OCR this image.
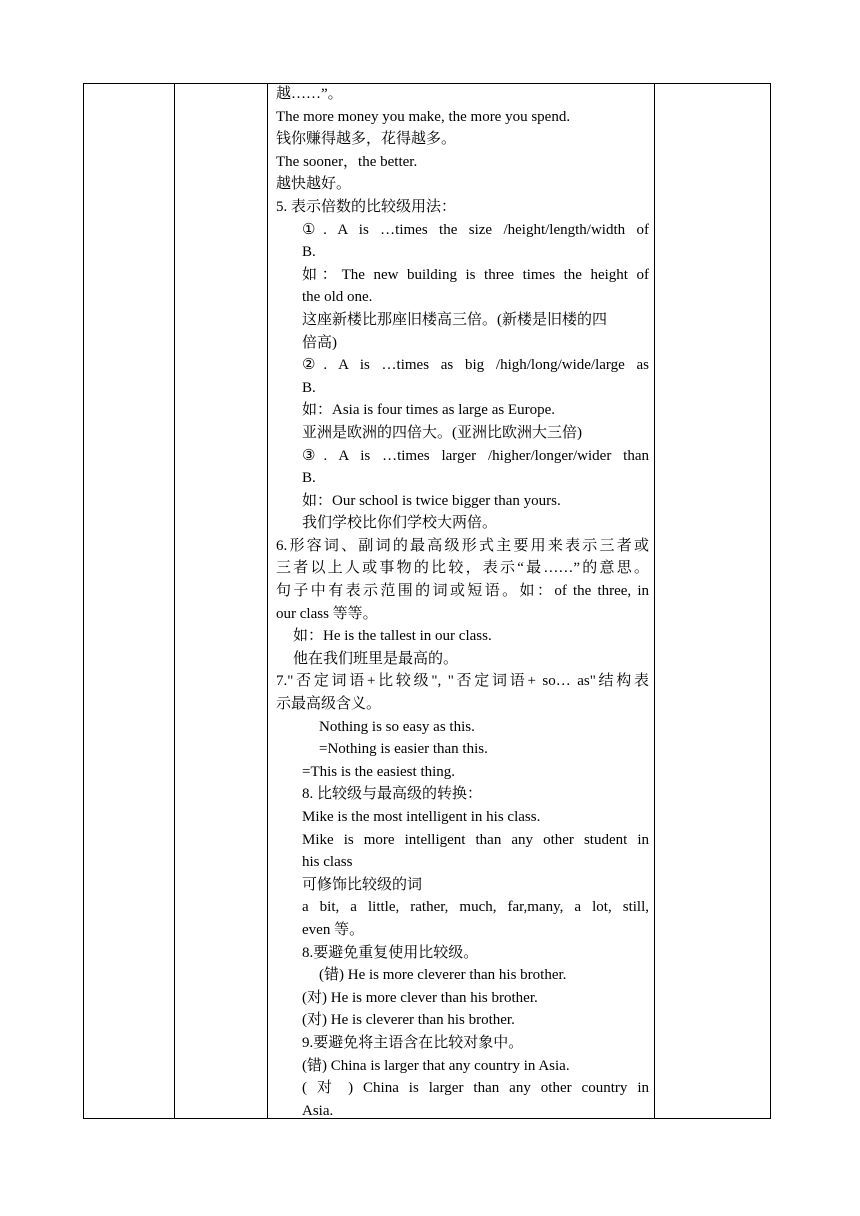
越……”。
The more money you make, the more you spend.
钱你赚得越多，花得越多。
The sooner，the better.
越快越好。
5. 表示倍数的比较级用法：
①. A is …times the size /height/length/width of
B.
如：The new building is three times the height of
the old one.
这座新楼比那座旧楼高三倍。(新楼是旧楼的四
倍高)
②. A is …times as big /high/long/wide/large as
B.
如：Asia is four times as large as Europe.
亚洲是欧洲的四倍大。(亚洲比欧洲大三倍)
③. A is …times larger /higher/longer/wider than
B.
如：Our school is twice bigger than yours.
我们学校比你们学校大两倍。
6.形容词、副词的最高级形式主要用来表示三者或
三者以上人或事物的比较，表示“最……”的意思。
句子中有表示范围的词或短语。如：of the three, in
our class 等等。
如：He is the tallest in our class.
他在我们班里是最高的。
7."否定词语+比较级", "否定词语+ so… as"结构表
示最高级含义。
Nothing is so easy as this.
=Nothing is easier than this.
=This is the easiest thing.
8. 比较级与最高级的转换：
Mike is the most intelligent in his class.
Mike is more intelligent than any other student in
his class
可修饰比较级的词
a bit, a little, rather, much, far,many, a lot, still,
even 等。
8.要避免重复使用比较级。
(错) He is more cleverer than his brother.
(对) He is more clever than his brother.
(对) He is cleverer than his brother.
9.要避免将主语含在比较对象中。
(错) China is larger that any country in Asia.
( 对 ) China is larger than any other country in
Asia.
